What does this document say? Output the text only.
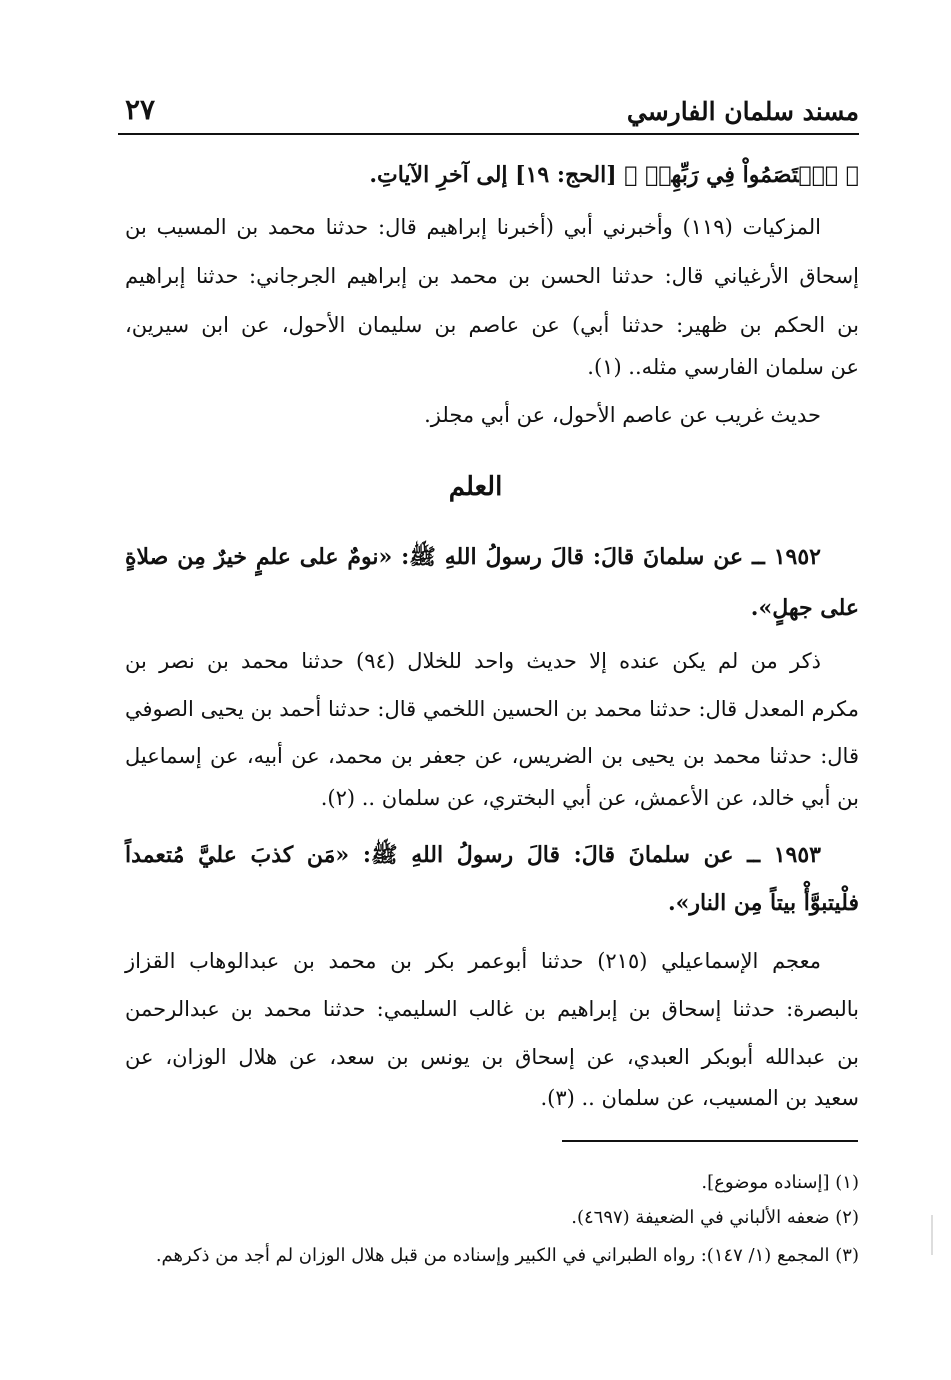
مسند سلمان الفارسي
٢٧
﴿ ٱخۡتَصَمُواْ فِي رَبِّهِمۡ ﴾ [الحج: ١٩] إلى آخرِ الآياتِ.
المزكيات (١١٩) وأخبرني أبي (أخبرنا إبراهيم قال: حدثنا محمد بن المسيب بن
إسحاق الأرغياني قال: حدثنا الحسن بن محمد بن إبراهيم الجرجاني: حدثنا إبراهيم
بن الحكم بن ظهير: حدثنا أبي) عن عاصم بن سليمان الأحول، عن ابن سيرين،
عن سلمان الفارسي مثله.. (١).
حديث غريب عن عاصم الأحول، عن أبي مجلز.
العلم
١٩٥٢ ــ عن سلمانَ قالَ: قالَ رسولُ اللهِ ﷺ: «نومٌ على علمٍ خيرٌ مِن صلاةٍ
على جهلٍ».
ذكر من لم يكن عنده إلا حديث واحد للخلال (٩٤) حدثنا محمد بن نصر بن
مكرم المعدل قال: حدثنا محمد بن الحسين اللخمي قال: حدثنا أحمد بن يحيى الصوفي
قال: حدثنا محمد بن يحيى بن الضريس، عن جعفر بن محمد، عن أبيه، عن إسماعيل
بن أبي خالد، عن الأعمش، عن أبي البختري، عن سلمان .. (٢).
١٩٥٣ ــ عن سلمانَ قالَ: قالَ رسولُ اللهِ ﷺ: «مَن كذبَ عليَّ مُتعمداً
فلْيتبوَّأْ بيتاً مِن النار».
معجم الإسماعيلي (٢١٥) حدثنا أبوعمر بكر بن محمد بن عبدالوهاب القزاز
بالبصرة: حدثنا إسحاق بن إبراهيم بن غالب السليمي: حدثنا محمد بن عبدالرحمن
بن عبدالله أبوبكر العبدي، عن إسحاق بن يونس بن سعد، عن هلال الوزان، عن
سعيد بن المسيب، عن سلمان .. (٣).
(١) [إسناده موضوع].
(٢) ضعفه الألباني في الضعيفة (٤٦٩٧).
(٣) المجمع (١/ ١٤٧): رواه الطبراني في الكبير وإسناده من قبل هلال الوزان لم أجد من ذكرهم.
